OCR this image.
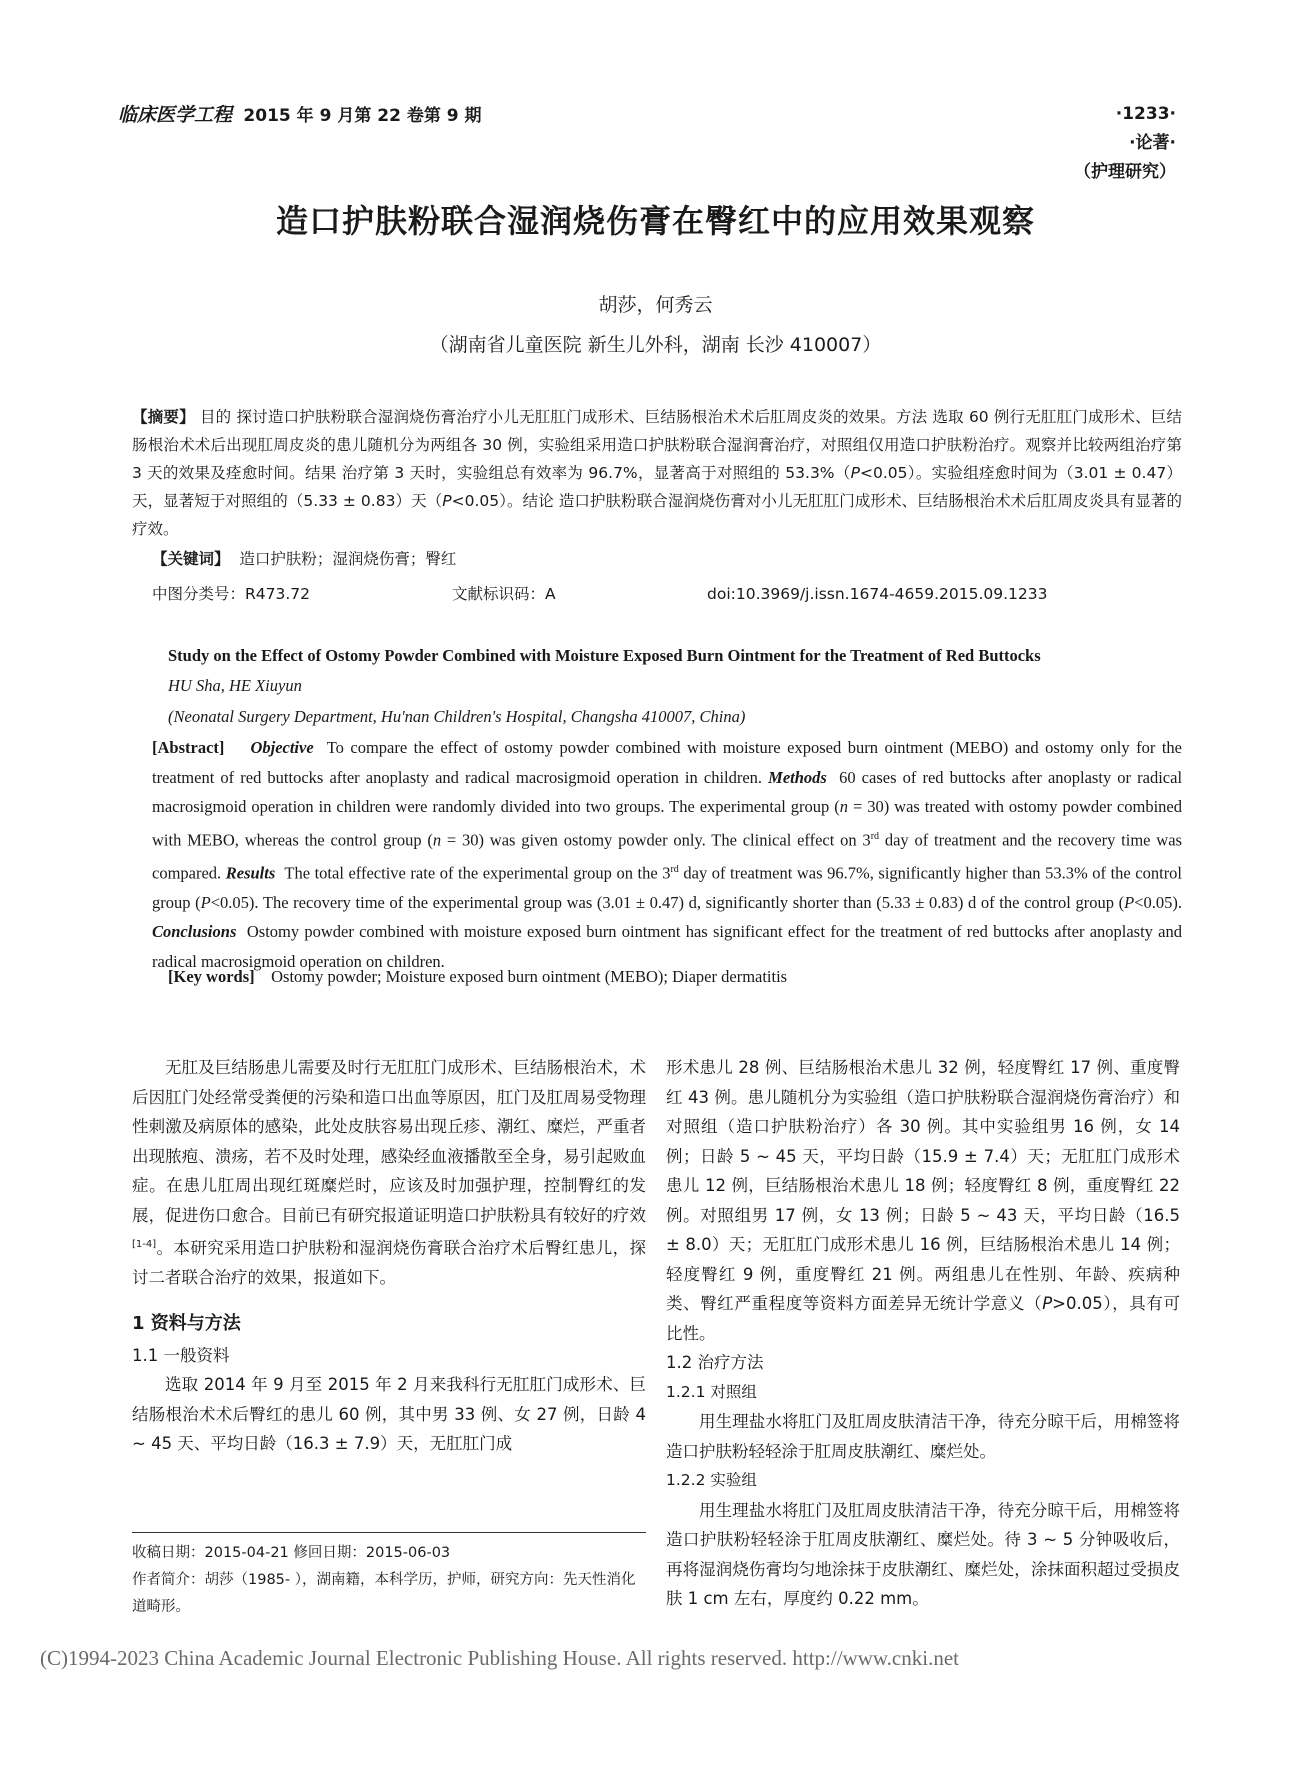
临床医学工程 2015 年 9 月第 22 卷第 9 期	·1233·
·论著·
（护理研究）
造口护肤粉联合湿润烧伤膏在臀红中的应用效果观察
胡莎，何秀云
（湖南省儿童医院 新生儿外科，湖南 长沙 410007）
【摘要】 目的 探讨造口护肤粉联合湿润烧伤膏治疗小儿无肛肛门成形术、巨结肠根治术术后肛周皮炎的效果。方法 选取 60 例行无肛肛门成形术、巨结肠根治术术后出现肛周皮炎的患儿随机分为两组各 30 例，实验组采用造口护肤粉联合湿润膏治疗，对照组仅用造口护肤粉治疗。观察并比较两组治疗第 3 天的效果及痊愈时间。结果 治疗第 3 天时，实验组总有效率为 96.7%，显著高于对照组的 53.3%（P<0.05）。实验组痊愈时间为（3.01 ± 0.47）天，显著短于对照组的（5.33 ± 0.83）天（P<0.05）。结论 造口护肤粉联合湿润烧伤膏对小儿无肛肛门成形术、巨结肠根治术术后肛周皮炎具有显著的疗效。
【关键词】 造口护肤粉；湿润烧伤膏；臀红
中图分类号：R473.72	文献标识码：A	doi:10.3969/j.issn.1674-4659.2015.09.1233
Study on the Effect of Ostomy Powder Combined with Moisture Exposed Burn Ointment for the Treatment of Red Buttocks
HU Sha, HE Xiuyun
(Neonatal Surgery Department, Hu'nan Children's Hospital, Changsha 410007, China)
[Abstract] Objective To compare the effect of ostomy powder combined with moisture exposed burn ointment (MEBO) and ostomy only for the treatment of red buttocks after anoplasty and radical macrosigmoid operation in children. Methods 60 cases of red buttocks after anoplasty or radical macrosigmoid operation in children were randomly divided into two groups. The experimental group (n = 30) was treated with ostomy powder combined with MEBO, whereas the control group (n = 30) was given ostomy powder only. The clinical effect on 3rd day of treatment and the recovery time was compared. Results The total effective rate of the experimental group on the 3rd day of treatment was 96.7%, significantly higher than 53.3% of the control group (P<0.05). The recovery time of the experimental group was (3.01 ± 0.47) d, significantly shorter than (5.33 ± 0.83) d of the control group (P<0.05). Conclusions Ostomy powder combined with moisture exposed burn ointment has significant effect for the treatment of red buttocks after anoplasty and radical macrosigmoid operation on children.
[Key words] Ostomy powder; Moisture exposed burn ointment (MEBO); Diaper dermatitis

无肛及巨结肠患儿需要及时行无肛肛门成形术、巨结肠根治术，术后因肛门处经常受粪便的污染和造口出血等原因，肛门及肛周易受物理性刺激及病原体的感染，此处皮肤容易出现丘疹、潮红、糜烂，严重者出现脓疱、溃疡，若不及时处理，感染经血液播散至全身，易引起败血症。在患儿肛周出现红斑糜烂时，应该及时加强护理，控制臀红的发展，促进伤口愈合。目前已有研究报道证明造口护肤粉具有较好的疗效[1-4]。本研究采用造口护肤粉和湿润烧伤膏联合治疗术后臀红患儿，探讨二者联合治疗的效果，报道如下。

1 资料与方法
1.1 一般资料

选取 2014 年 9 月至 2015 年 2 月来我科行无肛肛门成形术、巨结肠根治术术后臀红的患儿 60 例，其中男 33 例、女 27 例，日龄 4 ~ 45 天、平均日龄（16.3 ± 7.9）天，无肛肛门成

形术患儿 28 例、巨结肠根治术患儿 32 例，轻度臀红 17 例、重度臀红 43 例。患儿随机分为实验组（造口护肤粉联合湿润烧伤膏治疗）和对照组（造口护肤粉治疗）各 30 例。其中实验组男 16 例，女 14 例；日龄 5 ~ 45 天，平均日龄（15.9 ± 7.4）天；无肛肛门成形术患儿 12 例，巨结肠根治术患儿 18 例；轻度臀红 8 例，重度臀红 22 例。对照组男 17 例，女 13 例；日龄 5 ~ 43 天，平均日龄（16.5 ± 8.0）天；无肛肛门成形术患儿 16 例，巨结肠根治术患儿 14 例；轻度臀红 9 例，重度臀红 21 例。两组患儿在性别、年龄、疾病种类、臀红严重程度等资料方面差异无统计学意义（P>0.05），具有可比性。

1.2 治疗方法
1.2.1 对照组

用生理盐水将肛门及肛周皮肤清洁干净，待充分晾干后，用棉签将造口护肤粉轻轻涂于肛周皮肤潮红、糜烂处。

1.2.2 实验组

用生理盐水将肛门及肛周皮肤清洁干净，待充分晾干后，用棉签将造口护肤粉轻轻涂于肛周皮肤潮红、糜烂处。待 3 ~ 5 分钟吸收后，再将湿润烧伤膏均匀地涂抹于皮肤潮红、糜烂处，涂抹面积超过受损皮肤 1 cm 左右，厚度约 0.22 mm。

收稿日期：2015-04-21 修回日期：2015-06-03
作者简介：胡莎（1985- ），湖南籍，本科学历，护师，研究方向：先天性消化道畸形。
(C)1994-2023 China Academic Journal Electronic Publishing House. All rights reserved. http://www.cnki.net
